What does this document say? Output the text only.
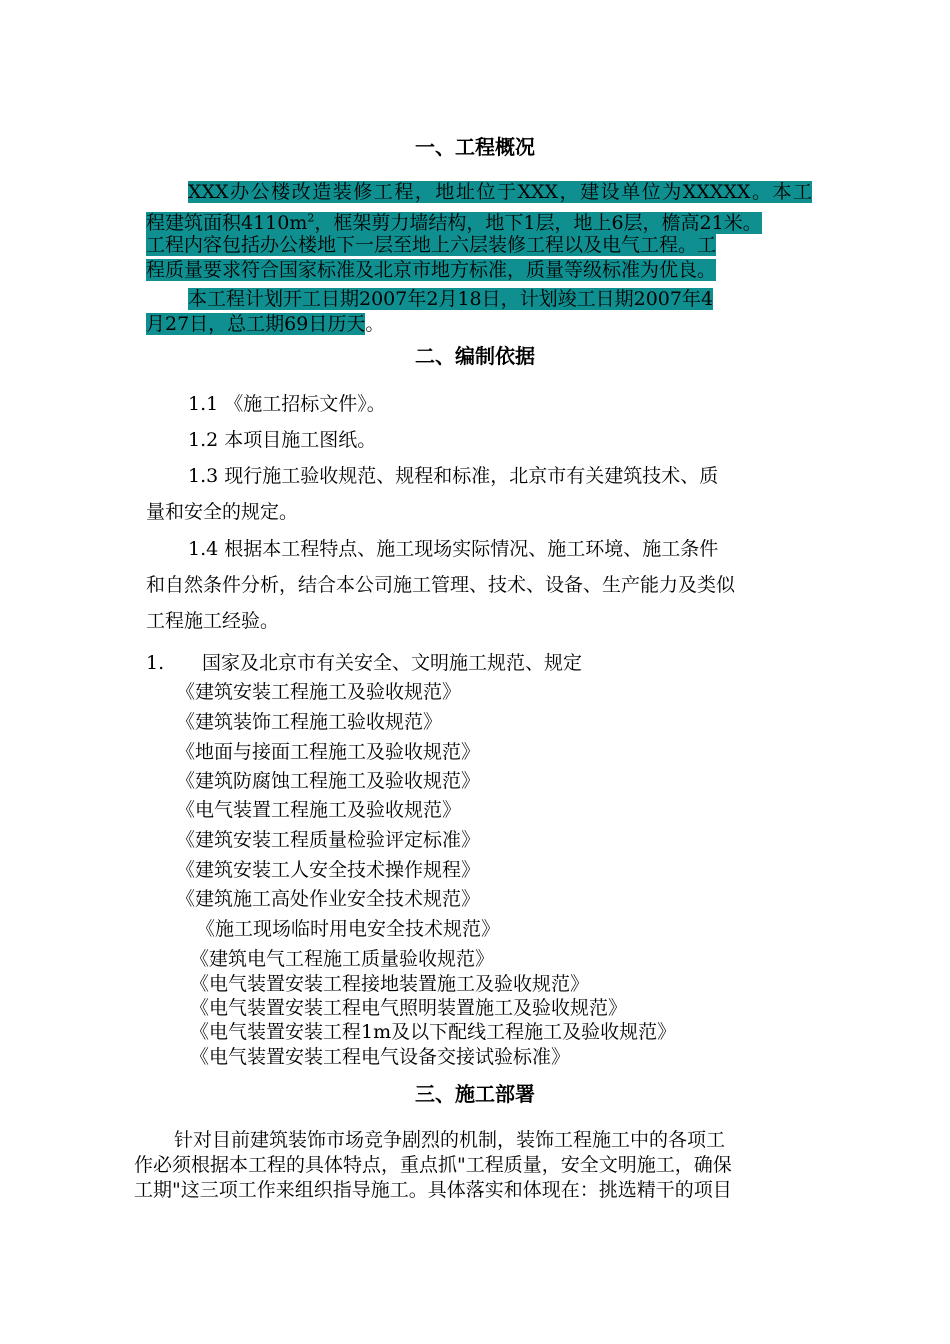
一、工程概况
XXX办公楼改造装修工程，地址位于XXX，建设单位为XXXXX。本工
程建筑面积$4110m^2$，框架剪力墙结构，地下1层，地上6层，檐高21米。
工程内容包括办公楼地下一层至地上六层装修工程以及电气工程。工
程质量要求符合国家标准及北京市地方标准，质量等级标准为优良。
本工程计划开工日期2007年2月18日，计划竣工日期2007年4
月27日，总工期69日历天。
二、编制依据
1.1 《施工招标文件》。
1.2 本项目施工图纸。
1.3 现行施工验收规范、规程和标准，北京市有关建筑技术、质
量和安全的规定。
1.4 根据本工程特点、施工现场实际情况、施工环境、施工条件
和自然条件分析，结合本公司施工管理、技术、设备、生产能力及类似
工程施工经验。
1. 国家及北京市有关安全、文明施工规范、规定
《建筑安装工程施工及验收规范》
《建筑装饰工程施工验收规范》
《地面与接面工程施工及验收规范》
《建筑防腐蚀工程施工及验收规范》
《电气装置工程施工及验收规范》
《建筑安装工程质量检验评定标准》
《建筑安装工人安全技术操作规程》
《建筑施工高处作业安全技术规范》
《施工现场临时用电安全技术规范》
《建筑电气工程施工质量验收规范》
《电气装置安装工程接地装置施工及验收规范》
《电气装置安装工程电气照明装置施工及验收规范》
《电气装置安装工程1m及以下配线工程施工及验收规范》
《电气装置安装工程电气设备交接试验标准》
三、施工部署
针对目前建筑装饰市场竞争剧烈的机制，装饰工程施工中的各项工
作必须根据本工程的具体特点，重点抓"工程质量，安全文明施工，确保
工期"这三项工作来组织指导施工。具体落实和体现在：挑选精干的项目
